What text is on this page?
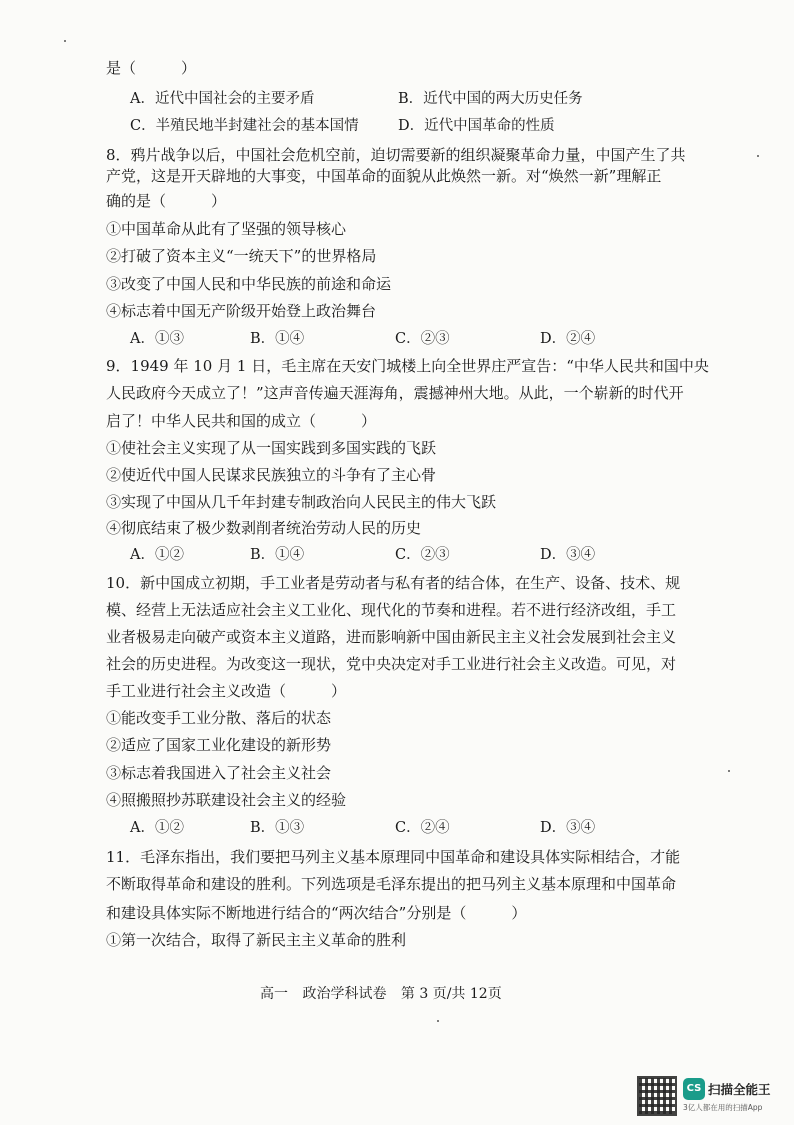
是（　　　）
A．近代中国社会的主要矛盾	B．近代中国的两大历史任务
C．半殖民地半封建社会的基本国情	D．近代中国革命的性质
8．鸦片战争以后，中国社会危机空前，迫切需要新的组织凝聚革命力量，中国产生了共
产党，这是开天辟地的大事变，中国革命的面貌从此焕然一新。对“焕然一新”理解正
确的是（　　　）
①中国革命从此有了坚强的领导核心
②打破了资本主义“一统天下”的世界格局
③改变了中国人民和中华民族的前途和命运
④标志着中国无产阶级开始登上政治舞台
A．①③	B．①④	C．②③	D．②④
9．1949 年 10 月 1 日，毛主席在天安门城楼上向全世界庄严宣告：“中华人民共和国中央
人民政府今天成立了！”这声音传遍天涯海角，震撼神州大地。从此，一个崭新的时代开
启了！中华人民共和国的成立（　　　）
①使社会主义实现了从一国实践到多国实践的飞跃
②使近代中国人民谋求民族独立的斗争有了主心骨
③实现了中国从几千年封建专制政治向人民民主的伟大飞跃
④彻底结束了极少数剥削者统治劳动人民的历史
A．①②	B．①④	C．②③	D．③④
10．新中国成立初期，手工业者是劳动者与私有者的结合体，在生产、设备、技术、规
模、经营上无法适应社会主义工业化、现代化的节奏和进程。若不进行经济改组，手工
业者极易走向破产或资本主义道路，进而影响新中国由新民主主义社会发展到社会主义
社会的历史进程。为改变这一现状，党中央决定对手工业进行社会主义改造。可见，对
手工业进行社会主义改造（　　　）
①能改变手工业分散、落后的状态
②适应了国家工业化建设的新形势
③标志着我国进入了社会主义社会
④照搬照抄苏联建设社会主义的经验
A．①②	B．①③	C．②④	D．③④
11．毛泽东指出，我们要把马列主义基本原理同中国革命和建设具体实际相结合，才能
不断取得革命和建设的胜利。下列选项是毛泽东提出的把马列主义基本原理和中国革命
和建设具体实际不断地进行结合的“两次结合”分别是（　　　）
①第一次结合，取得了新民主主义革命的胜利
高一 政治学科试卷 第 3 页/共 12页
CS 扫描全能王
3亿人都在用的扫描App
